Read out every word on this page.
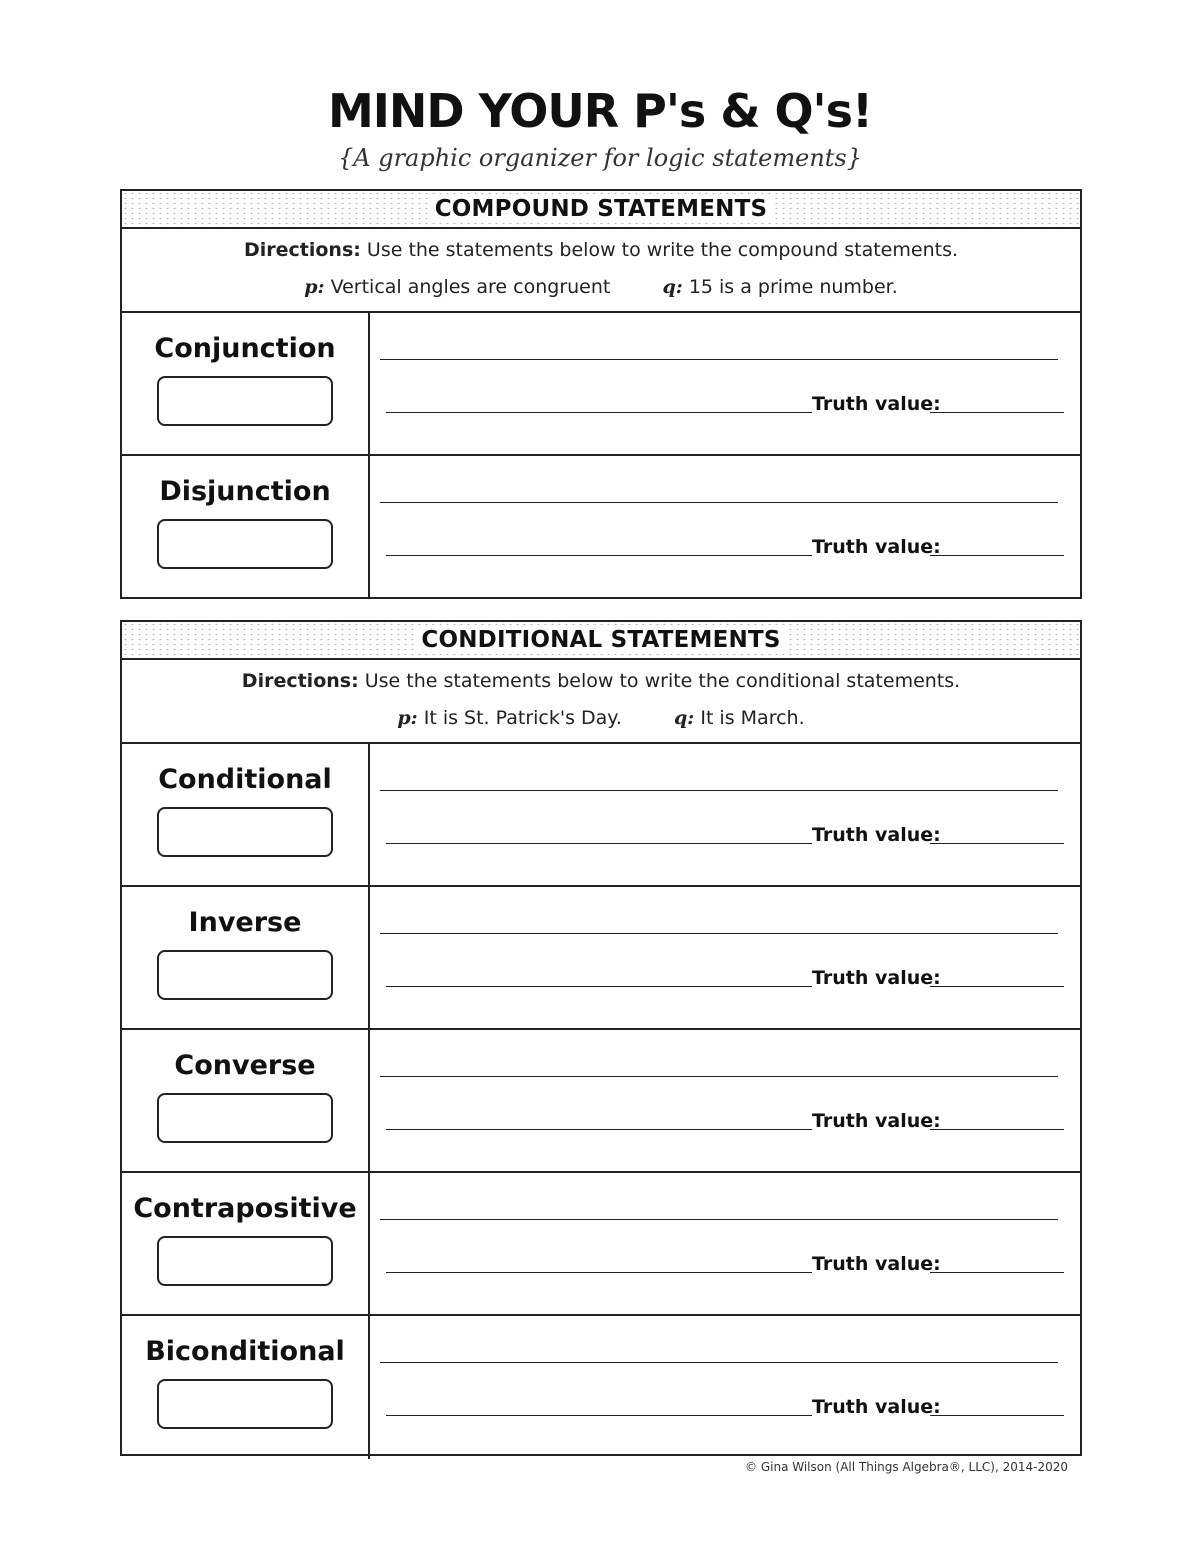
MIND YOUR P's & Q's!
{A graphic organizer for logic statements}
COMPOUND STATEMENTS
Directions: Use the statements below to write the compound statements.
p: Vertical angles are congruent	q: 15 is a prime number.
Conjunction
Truth value:
Disjunction
Truth value:
CONDITIONAL STATEMENTS
Directions: Use the statements below to write the conditional statements.
p: It is St. Patrick's Day.	q: It is March.
Conditional
Truth value:
Inverse
Truth value:
Converse
Truth value:
Contrapositive
Truth value:
Biconditional
Truth value:
© Gina Wilson (All Things Algebra®, LLC), 2014-2020
